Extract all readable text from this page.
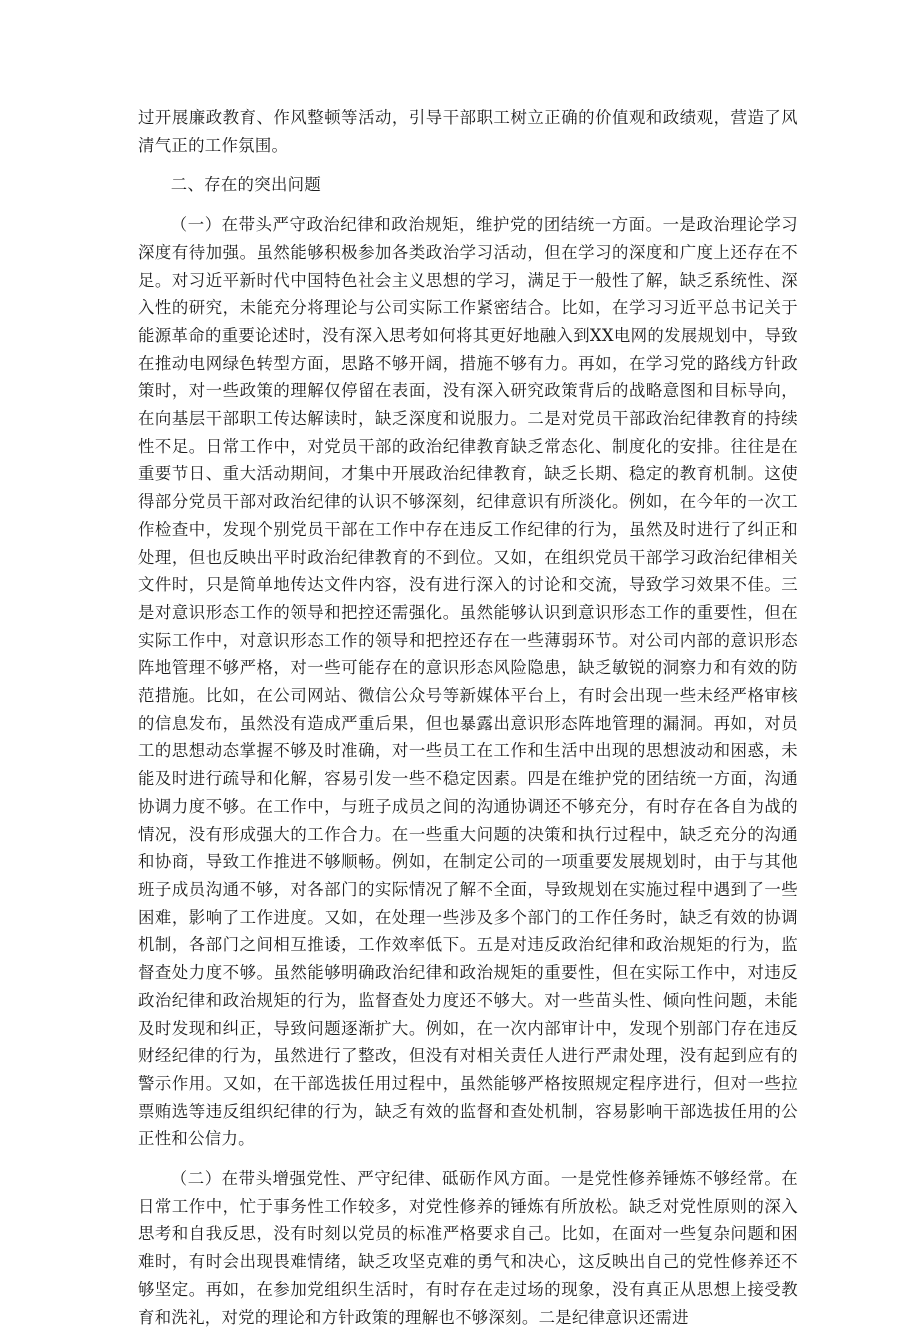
过开展廉政教育、作风整顿等活动，引导干部职工树立正确的价值观和政绩观，营造了风清气正的工作氛围。

二、存在的突出问题

（一）在带头严守政治纪律和政治规矩，维护党的团结统一方面。一是政治理论学习深度有待加强。虽然能够积极参加各类政治学习活动，但在学习的深度和广度上还存在不足。对习近平新时代中国特色社会主义思想的学习，满足于一般性了解，缺乏系统性、深入性的研究，未能充分将理论与公司实际工作紧密结合。比如，在学习习近平总书记关于能源革命的重要论述时，没有深入思考如何将其更好地融入到XX电网的发展规划中，导致在推动电网绿色转型方面，思路不够开阔，措施不够有力。再如，在学习党的路线方针政策时，对一些政策的理解仅停留在表面，没有深入研究政策背后的战略意图和目标导向，在向基层干部职工传达解读时，缺乏深度和说服力。二是对党员干部政治纪律教育的持续性不足。日常工作中，对党员干部的政治纪律教育缺乏常态化、制度化的安排。往往是在重要节日、重大活动期间，才集中开展政治纪律教育，缺乏长期、稳定的教育机制。这使得部分党员干部对政治纪律的认识不够深刻，纪律意识有所淡化。例如，在今年的一次工作检查中，发现个别党员干部在工作中存在违反工作纪律的行为，虽然及时进行了纠正和处理，但也反映出平时政治纪律教育的不到位。又如，在组织党员干部学习政治纪律相关文件时，只是简单地传达文件内容，没有进行深入的讨论和交流，导致学习效果不佳。三是对意识形态工作的领导和把控还需强化。虽然能够认识到意识形态工作的重要性，但在实际工作中，对意识形态工作的领导和把控还存在一些薄弱环节。对公司内部的意识形态阵地管理不够严格，对一些可能存在的意识形态风险隐患，缺乏敏锐的洞察力和有效的防范措施。比如，在公司网站、微信公众号等新媒体平台上，有时会出现一些未经严格审核的信息发布，虽然没有造成严重后果，但也暴露出意识形态阵地管理的漏洞。再如，对员工的思想动态掌握不够及时准确，对一些员工在工作和生活中出现的思想波动和困惑，未能及时进行疏导和化解，容易引发一些不稳定因素。四是在维护党的团结统一方面，沟通协调力度不够。在工作中，与班子成员之间的沟通协调还不够充分，有时存在各自为战的情况，没有形成强大的工作合力。在一些重大问题的决策和执行过程中，缺乏充分的沟通和协商，导致工作推进不够顺畅。例如，在制定公司的一项重要发展规划时，由于与其他班子成员沟通不够，对各部门的实际情况了解不全面，导致规划在实施过程中遇到了一些困难，影响了工作进度。又如，在处理一些涉及多个部门的工作任务时，缺乏有效的协调机制，各部门之间相互推诿，工作效率低下。五是对违反政治纪律和政治规矩的行为，监督查处力度不够。虽然能够明确政治纪律和政治规矩的重要性，但在实际工作中，对违反政治纪律和政治规矩的行为，监督查处力度还不够大。对一些苗头性、倾向性问题，未能及时发现和纠正，导致问题逐渐扩大。例如，在一次内部审计中，发现个别部门存在违反财经纪律的行为，虽然进行了整改，但没有对相关责任人进行严肃处理，没有起到应有的警示作用。又如，在干部选拔任用过程中，虽然能够严格按照规定程序进行，但对一些拉票贿选等违反组织纪律的行为，缺乏有效的监督和查处机制，容易影响干部选拔任用的公正性和公信力。

（二）在带头增强党性、严守纪律、砥砺作风方面。一是党性修养锤炼不够经常。在日常工作中，忙于事务性工作较多，对党性修养的锤炼有所放松。缺乏对党性原则的深入思考和自我反思，没有时刻以党员的标准严格要求自己。比如，在面对一些复杂问题和困难时，有时会出现畏难情绪，缺乏攻坚克难的勇气和决心，这反映出自己的党性修养还不够坚定。再如，在参加党组织生活时，有时存在走过场的现象，没有真正从思想上接受教育和洗礼，对党的理论和方针政策的理解也不够深刻。二是纪律意识还需进
